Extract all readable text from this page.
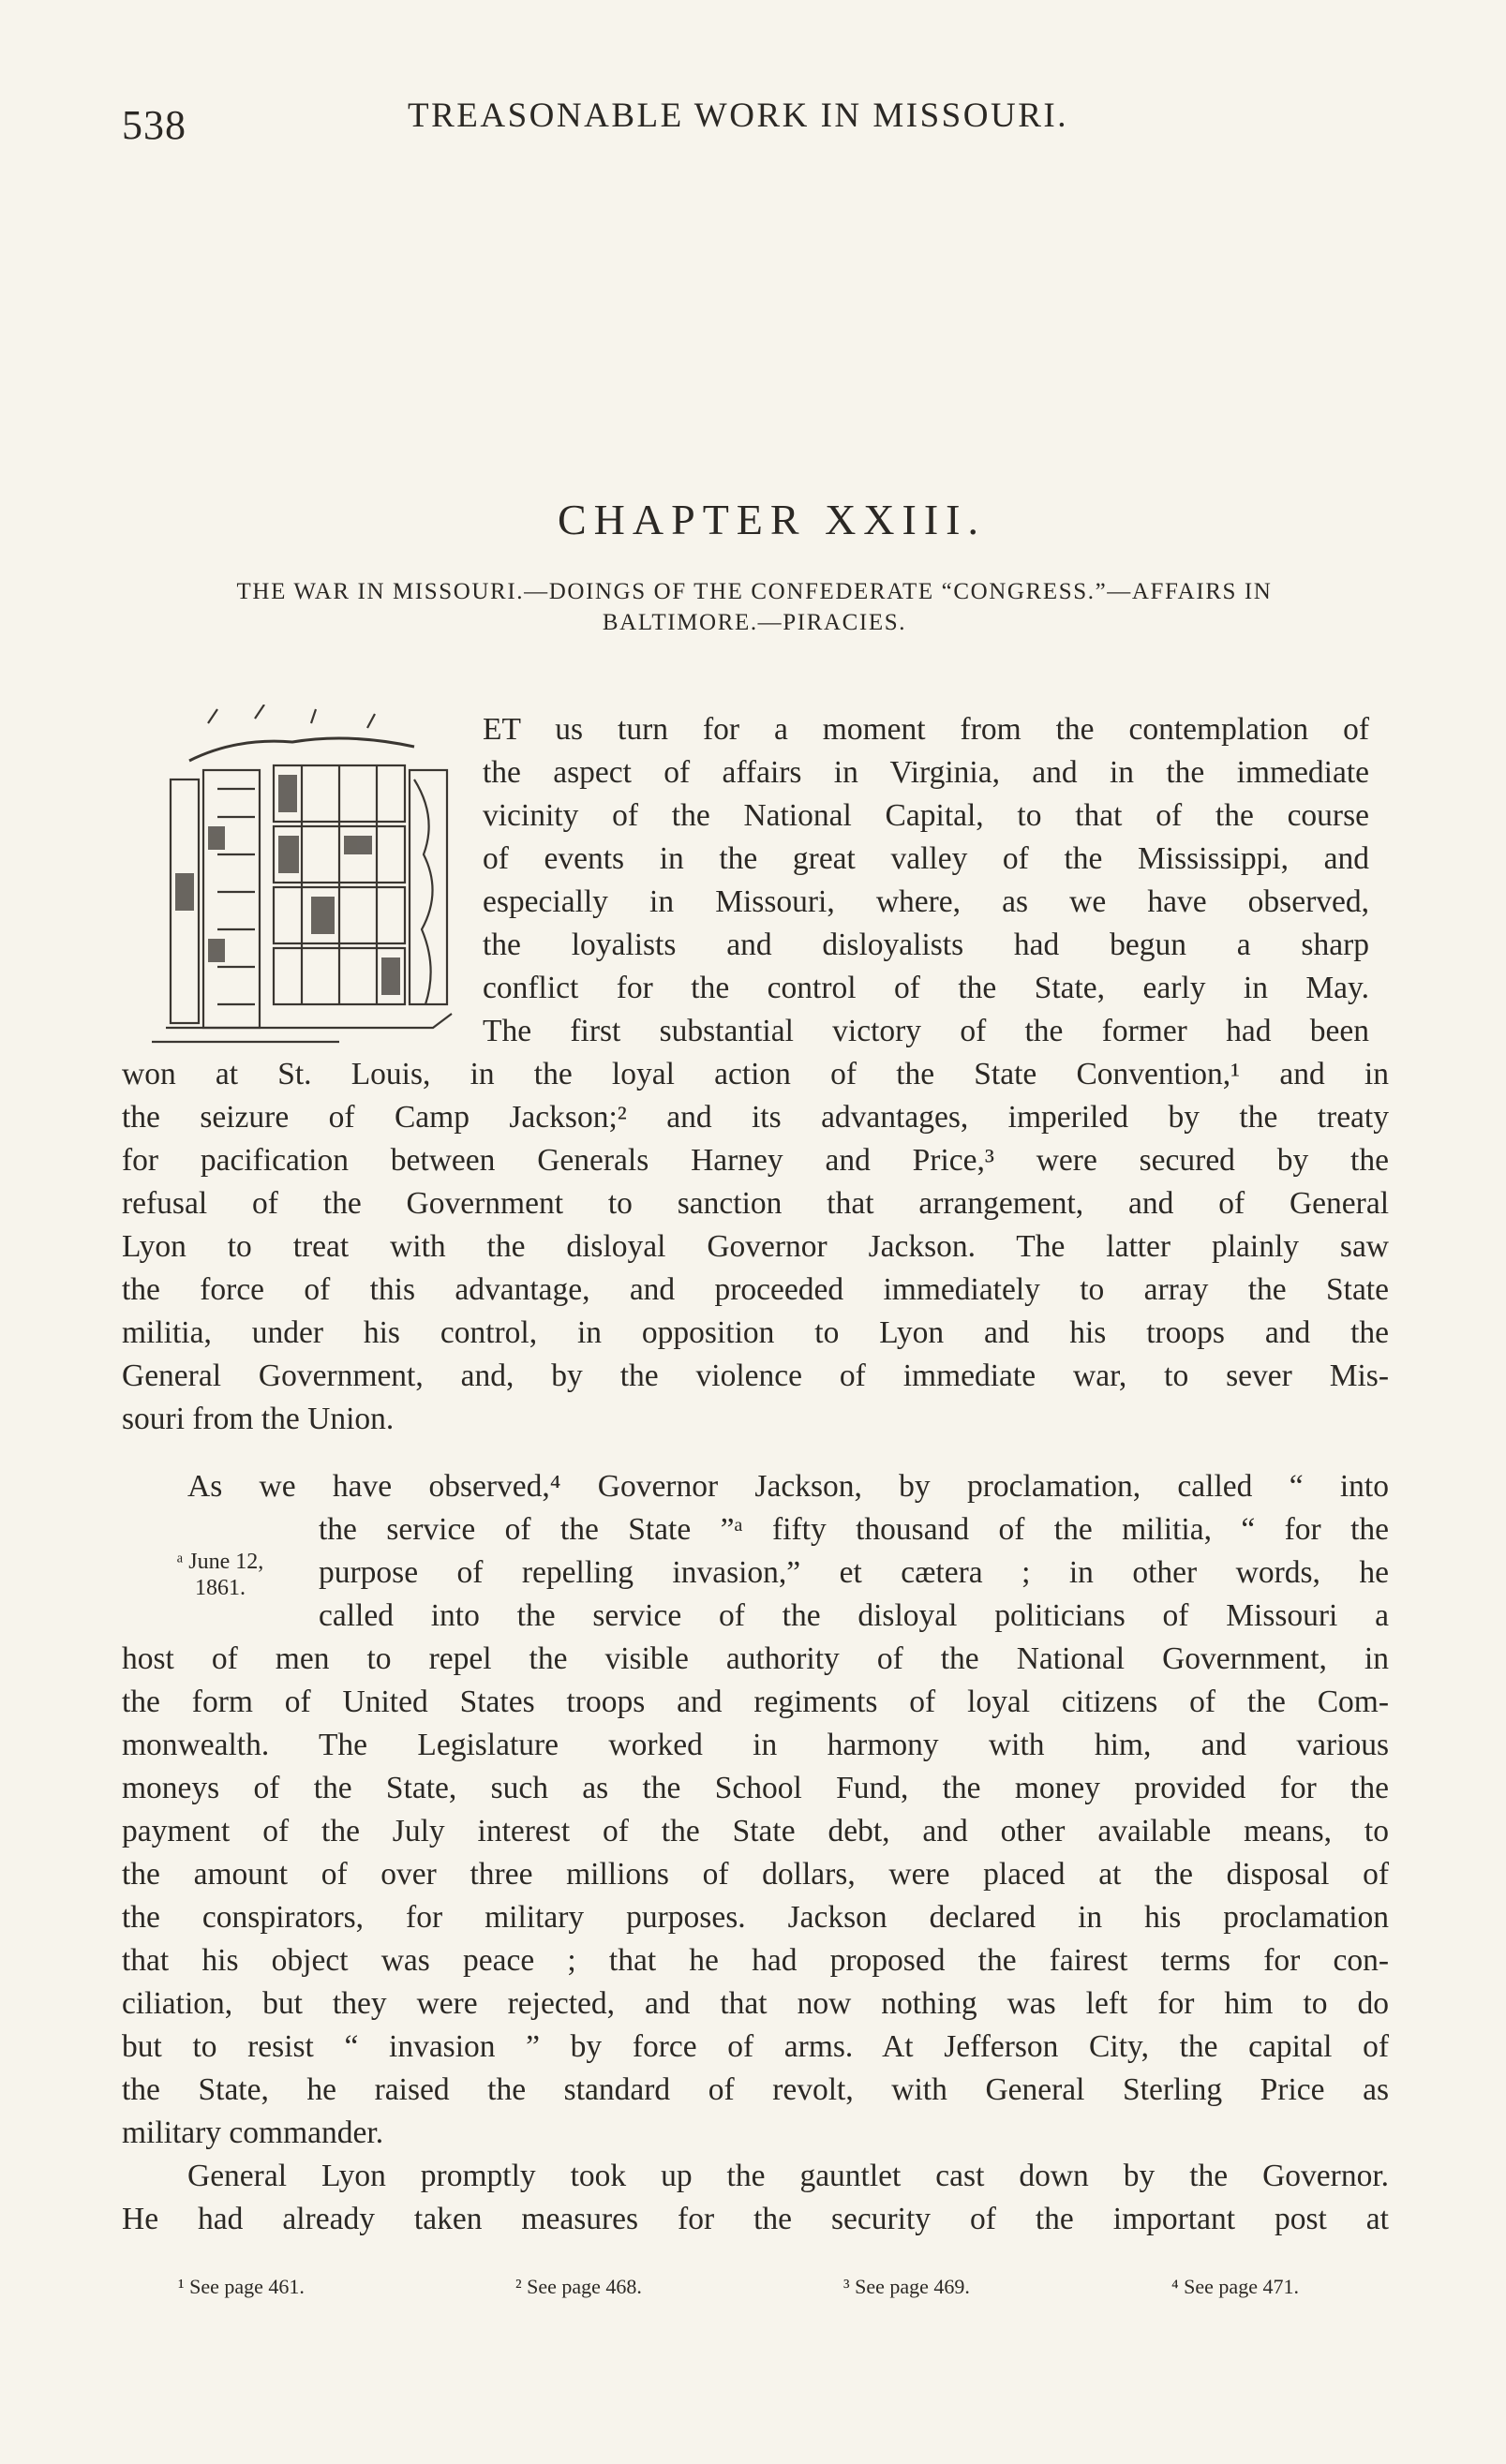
538	TREASONABLE WORK IN MISSOURI.
CHAPTER XXIII.
THE WAR IN MISSOURI.—DOINGS OF THE CONFEDERATE “CONGRESS.”—AFFAIRS IN
BALTIMORE.—PIRACIES.
ET us turn for a moment from the contemplation of
the aspect of affairs in Virginia, and in the immediate
vicinity of the National Capital, to that of the course
of events in the great valley of the Mississippi, and
especially in Missouri, where, as we have observed,
the loyalists and disloyalists had begun a sharp
conflict for the control of the State, early in May.
The first substantial victory of the former had been
won at St. Louis, in the loyal action of the State Convention,¹ and in
the seizure of Camp Jackson;² and its advantages, imperiled by the treaty
for pacification between Generals Harney and Price,³ were secured by the
refusal of the Government to sanction that arrangement, and of General
Lyon to treat with the disloyal Governor Jackson. The latter plainly saw
the force of this advantage, and proceeded immediately to array the State
militia, under his control, in opposition to Lyon and his troops and the
General Government, and, by the violence of immediate war, to sever Mis-
souri from the Union.
As we have observed,⁴ Governor Jackson, by proclamation, called “ into
the service of the State ”ᵃ fifty thousand of the militia, “ for the
purpose of repelling invasion,” et cætera ; in other words, he
called into the service of the disloyal politicians of Missouri a
ᵃ June 12,
1861.
host of men to repel the visible authority of the National Government, in
the form of United States troops and regiments of loyal citizens of the Com-
monwealth. The Legislature worked in harmony with him, and various
moneys of the State, such as the School Fund, the money provided for the
payment of the July interest of the State debt, and other available means, to
the amount of over three millions of dollars, were placed at the disposal of
the conspirators, for military purposes. Jackson declared in his proclamation
that his object was peace ; that he had proposed the fairest terms for con-
ciliation, but they were rejected, and that now nothing was left for him to do
but to resist “ invasion ” by force of arms. At Jefferson City, the capital of
the State, he raised the standard of revolt, with General Sterling Price as
military commander.
General Lyon promptly took up the gauntlet cast down by the Governor.
He had already taken measures for the security of the important post at
¹ See page 461.	² See page 468.	³ See page 469.	⁴ See page 471.
